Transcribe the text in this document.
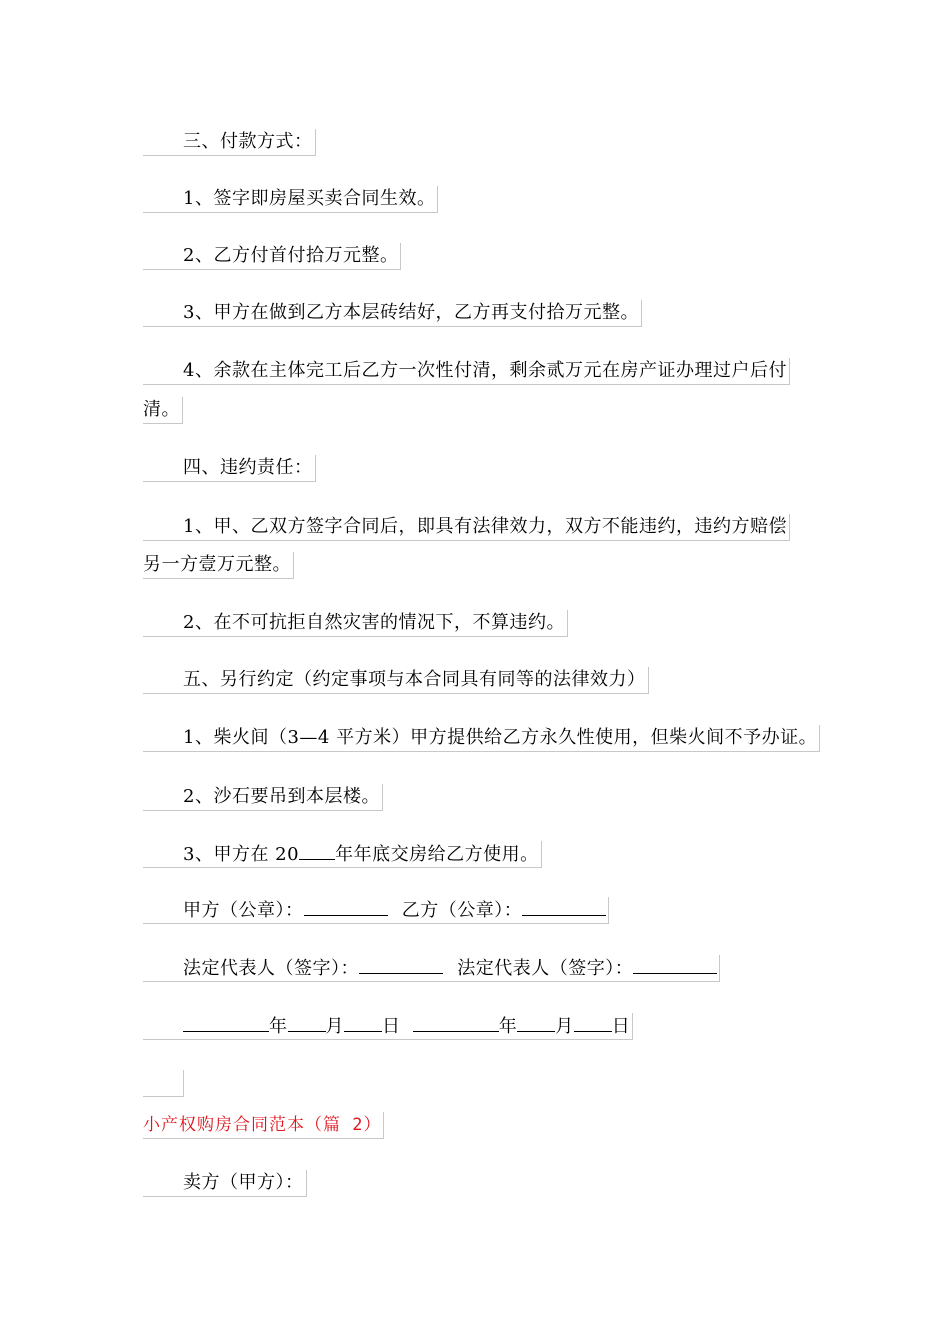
三、付款方式：
1、签字即房屋买卖合同生效。
2、乙方付首付拾万元整。
3、甲方在做到乙方本层砖结好，乙方再支付拾万元整。
4、余款在主体完工后乙方一次性付清，剩余贰万元在房产证办理过户后付
清。
四、违约责任：
1、甲、乙双方签字合同后，即具有法律效力，双方不能违约，违约方赔偿
另一方壹万元整。
2、在不可抗拒自然灾害的情况下，不算违约。
五、另行约定（约定事项与本合同具有同等的法律效力）
1、柴火间（3—4 平方米）甲方提供给乙方永久性使用，但柴火间不予办证。
2、沙石要吊到本层楼。
3、甲方在 20 年年底交房给乙方使用。
甲方（公章）：	乙方（公章）：
法定代表人（签字）：	法定代表人（签字）：
年 月 日	年 月 日
小产权购房合同范本（篇 2）
卖方（甲方）：
